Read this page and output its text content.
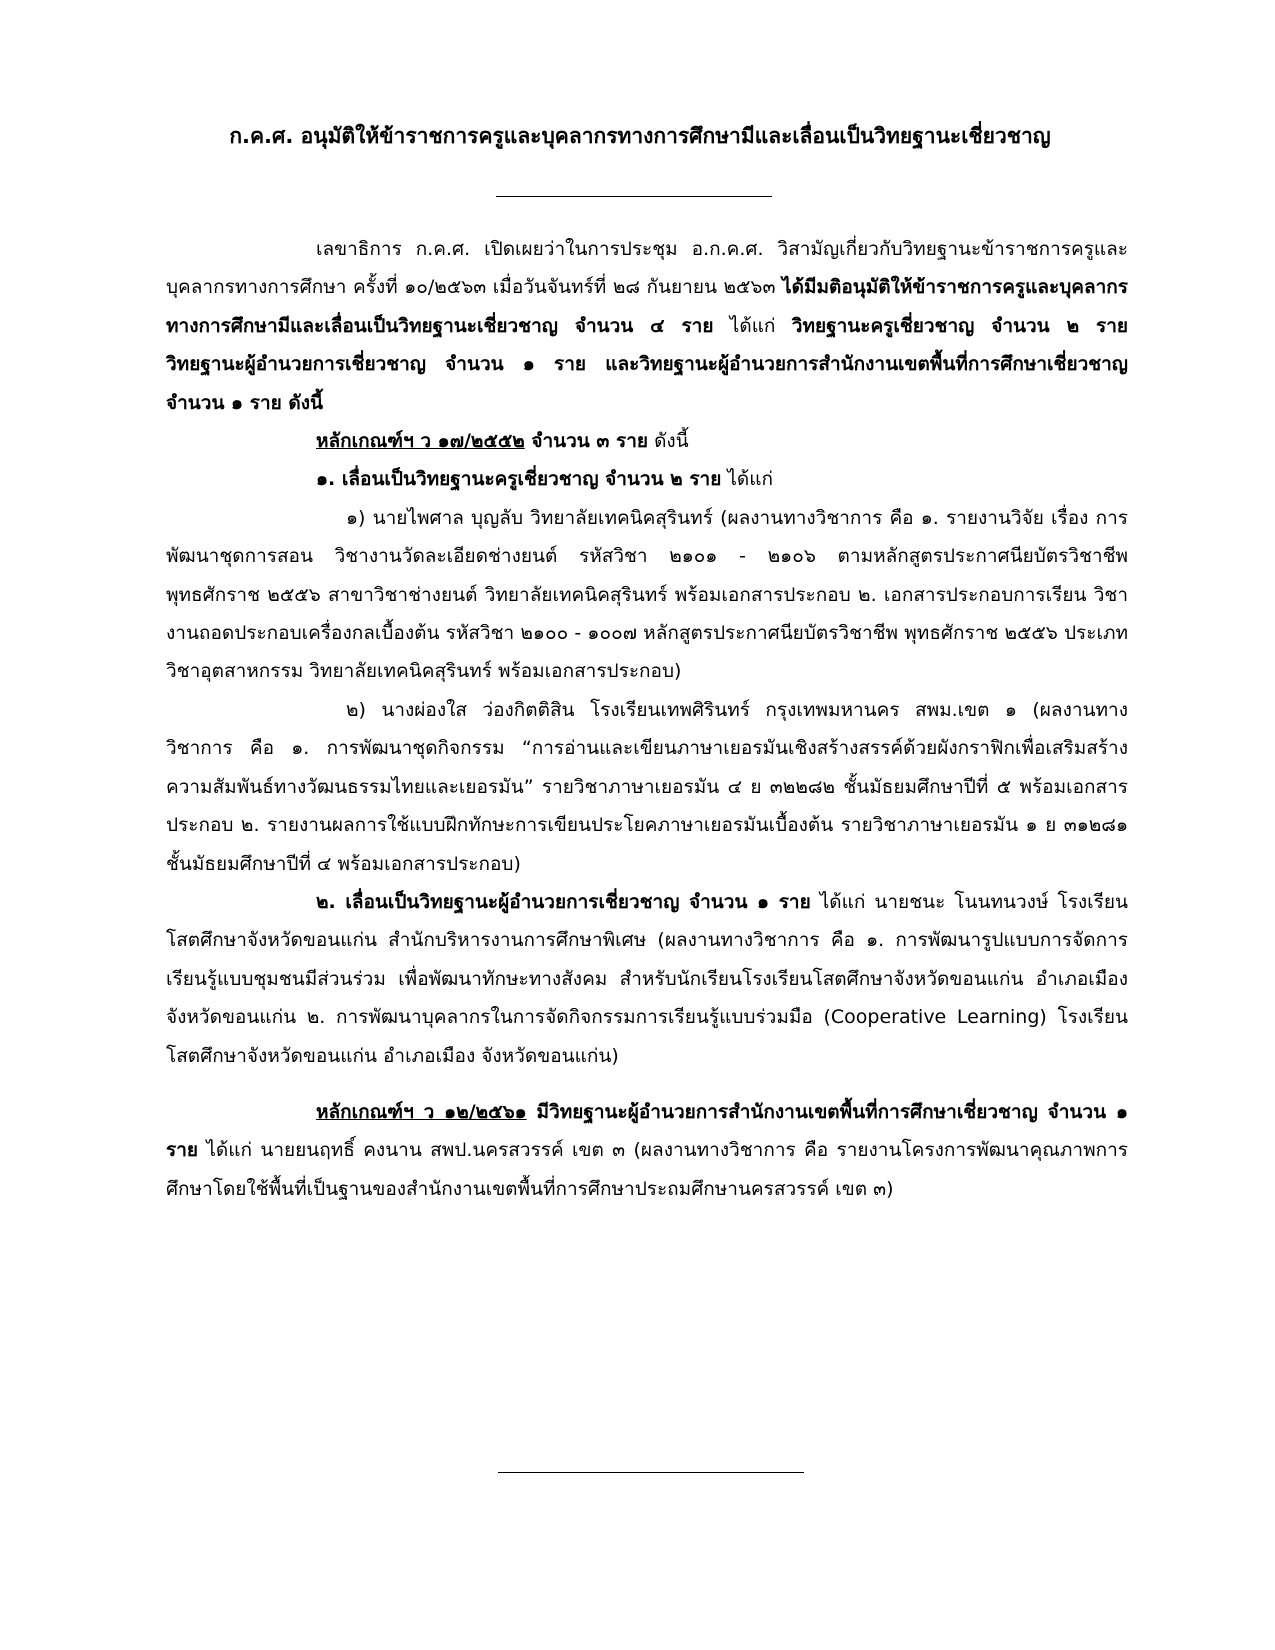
ก.ค.ศ. อนุมัติให้ข้าราชการครูและบุคลากรทางการศึกษามีและเลื่อนเป็นวิทยฐานะเชี่ยวชาญ

เลขาธิการ ก.ค.ศ. เปิดเผยว่าในการประชุม อ.ก.ค.ศ. วิสามัญเกี่ยวกับวิทยฐานะข้าราชการครูและบุคลากรทางการศึกษา ครั้งที่ ๑๐/๒๕๖๓ เมื่อวันจันทร์ที่ ๒๘ กันยายน ๒๕๖๓ ได้มีมติอนุมัติให้ข้าราชการครูและบุคลากรทางการศึกษามีและเลื่อนเป็นวิทยฐานะเชี่ยวชาญ จำนวน ๔ ราย ได้แก่ วิทยฐานะครูเชี่ยวชาญ จำนวน ๒ ราย วิทยฐานะผู้อำนวยการเชี่ยวชาญ จำนวน ๑ ราย และวิทยฐานะผู้อำนวยการสำนักงานเขตพื้นที่การศึกษาเชี่ยวชาญ จำนวน ๑ ราย ดังนี้

หลักเกณฑ์ฯ ว ๑๗/๒๕๕๒ จำนวน ๓ ราย ดังนี้

๑. เลื่อนเป็นวิทยฐานะครูเชี่ยวชาญ จำนวน ๒ ราย ได้แก่

๑) นายไพศาล บุญลับ วิทยาลัยเทคนิคสุรินทร์ (ผลงานทางวิชาการ คือ ๑. รายงานวิจัย เรื่อง การพัฒนาชุดการสอน วิชางานวัดละเอียดช่างยนต์ รหัสวิชา ๒๑๐๑ - ๒๑๐๖ ตามหลักสูตรประกาศนียบัตรวิชาชีพ พุทธศักราช ๒๕๕๖ สาขาวิชาช่างยนต์ วิทยาลัยเทคนิคสุรินทร์ พร้อมเอกสารประกอบ ๒. เอกสารประกอบการเรียน วิชางานถอดประกอบเครื่องกลเบื้องต้น รหัสวิชา ๒๑๐๐ - ๑๐๐๗ หลักสูตรประกาศนียบัตรวิชาชีพ พุทธศักราช ๒๕๕๖ ประเภทวิชาอุตสาหกรรม วิทยาลัยเทคนิคสุรินทร์ พร้อมเอกสารประกอบ)

๒) นางผ่องใส ว่องกิตติสิน โรงเรียนเทพศิรินทร์ กรุงเทพมหานคร สพม.เขต ๑ (ผลงานทางวิชาการ คือ ๑. การพัฒนาชุดกิจกรรม “การอ่านและเขียนภาษาเยอรมันเชิงสร้างสรรค์ด้วยผังกราฟิกเพื่อเสริมสร้างความสัมพันธ์ทางวัฒนธรรมไทยและเยอรมัน” รายวิชาภาษาเยอรมัน ๔ ย ๓๒๒๘๒ ชั้นมัธยมศึกษาปีที่ ๕ พร้อมเอกสารประกอบ ๒. รายงานผลการใช้แบบฝึกทักษะการเขียนประโยคภาษาเยอรมันเบื้องต้น รายวิชาภาษาเยอรมัน ๑ ย ๓๑๒๘๑ ชั้นมัธยมศึกษาปีที่ ๔ พร้อมเอกสารประกอบ)

๒. เลื่อนเป็นวิทยฐานะผู้อำนวยการเชี่ยวชาญ จำนวน ๑ ราย ได้แก่ นายชนะ โนนทนวงษ์ โรงเรียนโสตศึกษาจังหวัดขอนแก่น สำนักบริหารงานการศึกษาพิเศษ (ผลงานทางวิชาการ คือ ๑. การพัฒนารูปแบบการจัดการเรียนรู้แบบชุมชนมีส่วนร่วม เพื่อพัฒนาทักษะทางสังคม สำหรับนักเรียนโรงเรียนโสตศึกษาจังหวัดขอนแก่น อำเภอเมือง จังหวัดขอนแก่น ๒. การพัฒนาบุคลากรในการจัดกิจกรรมการเรียนรู้แบบร่วมมือ (Cooperative Learning) โรงเรียนโสตศึกษาจังหวัดขอนแก่น อำเภอเมือง จังหวัดขอนแก่น)

หลักเกณฑ์ฯ ว ๑๒/๒๕๖๑ มีวิทยฐานะผู้อำนวยการสำนักงานเขตพื้นที่การศึกษาเชี่ยวชาญ จำนวน ๑ ราย ได้แก่ นายยนฤทธิ์ คงนาน สพป.นครสวรรค์ เขต ๓ (ผลงานทางวิชาการ คือ รายงานโครงการพัฒนาคุณภาพการศึกษาโดยใช้พื้นที่เป็นฐานของสำนักงานเขตพื้นที่การศึกษาประถมศึกษานครสวรรค์ เขต ๓)
